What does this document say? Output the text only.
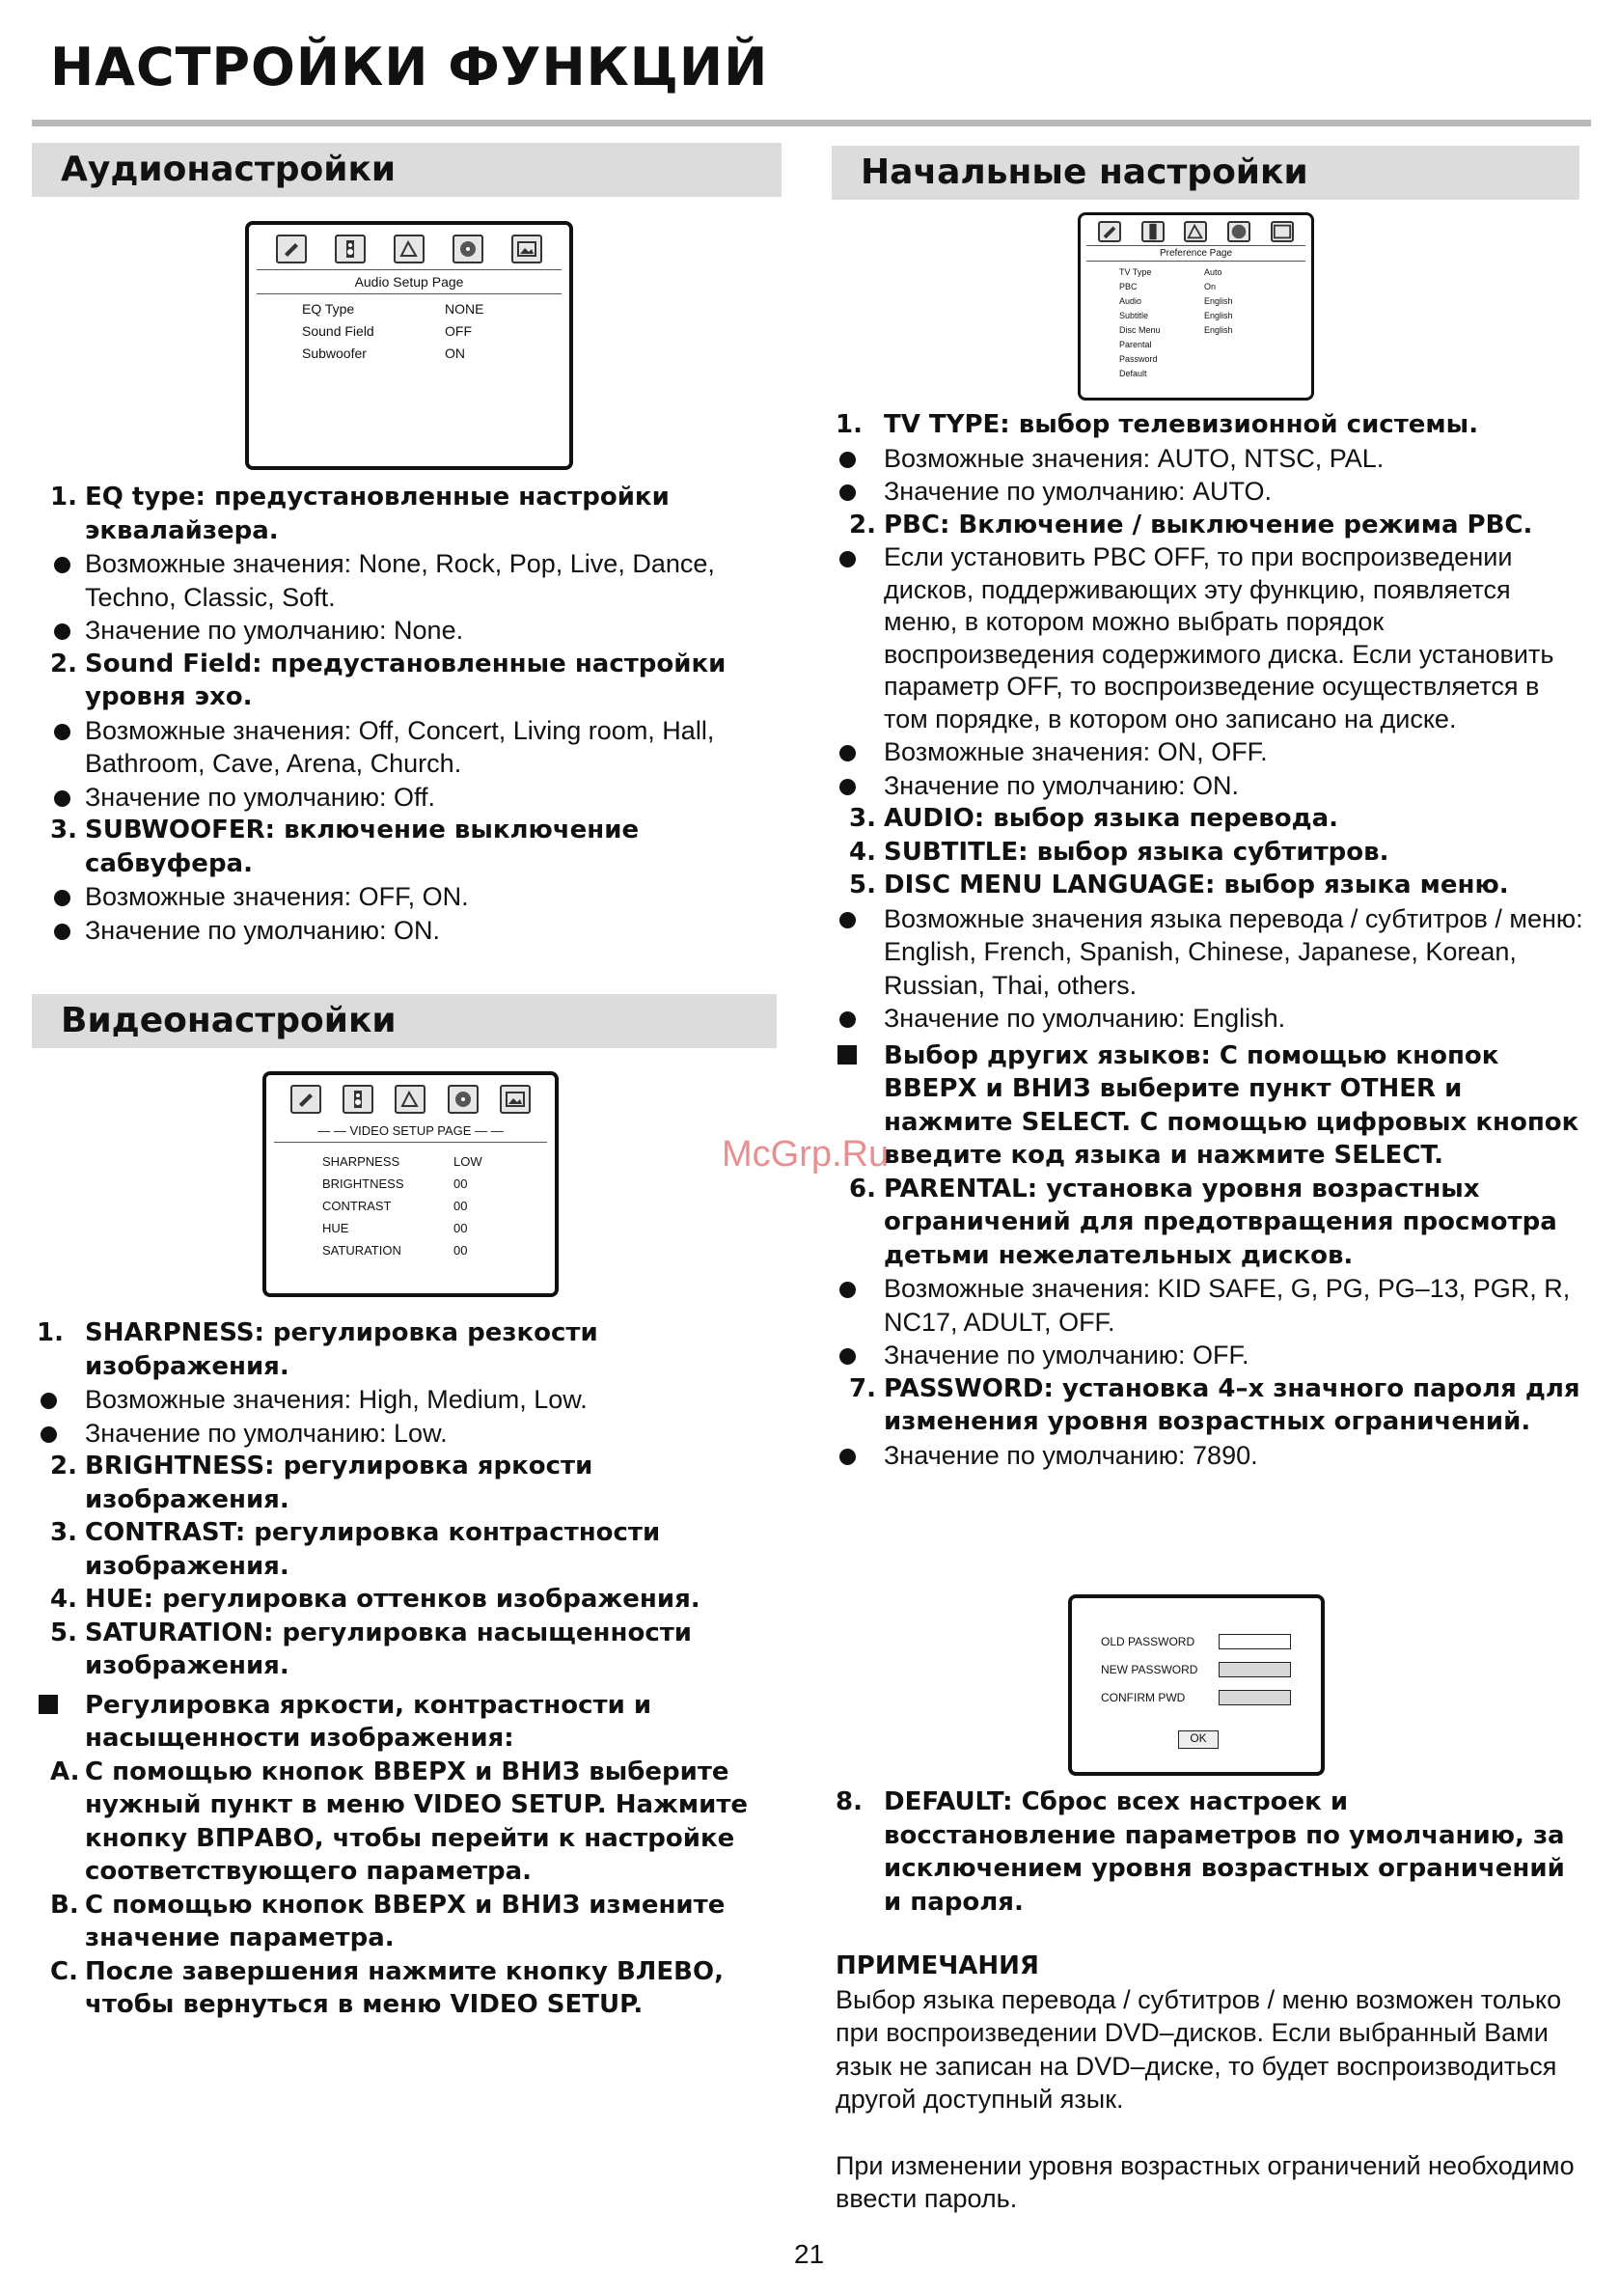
НАСТРОЙКИ ФУНКЦИЙ
Аудионастройки
Audio Setup Page
EQ Type	NONE
Sound Field	OFF
Subwoofer	ON

1. EQ type: предустановленные настройки эквалайзера.

Возможные значения: None, Rock, Pop, Live, Dance, Techno, Classic, Soft.

Значение по умолчанию: None.

2. Sound Field: предустановленные настройки уровня эхо.

Возможные значения: Off, Concert, Living room, Hall, Bathroom, Cave, Arena, Church.

Значение по умолчанию: Off.

3. SUBWOOFER: включение выключение сабвуфера.

Возможные значения: OFF, ON.

Значение по умолчанию: ON.

Видеонастройки
— — VIDEO SETUP PAGE — —
SHARPNESS	LOW
BRIGHTNESS	00
CONTRAST	00
HUE	00
SATURATION	00

1. SHARPNESS: регулировка резкости изображения.

Возможные значения: High, Medium, Low.

Значение по умолчанию: Low.

2. BRIGHTNESS: регулировка яркости изображения.

3. CONTRAST: регулировка контрастности изображения.

4. HUE: регулировка оттенков изображения.

5. SATURATION: регулировка насыщенности изображения.

Регулировка яркости, контрастности и насыщенности изображения:

A. С помощью кнопок ВВЕРХ и ВНИЗ выберите нужный пункт в меню VIDEO SETUP. Нажмите кнопку ВПРАВО, чтобы перейти к настройке соответствующего параметра.

B. С помощью кнопок ВВЕРХ и ВНИЗ измените значение параметра.

C. После завершения нажмите кнопку ВЛЕВО, чтобы вернуться в меню VIDEO SETUP.

Начальные настройки
Preference Page
TV Type	Auto
PBC	On
Audio	English
Subtitle	English
Disc Menu	English
Parental
Password
Default

1. TV TYPE: выбор телевизионной системы.

Возможные значения: AUTO, NTSC, PAL.

Значение по умолчанию: AUTO.

2. PBC: Включение / выключение режима PBC.

Если установить PBC OFF, то при воспроизведении дисков, поддерживающих эту функцию, появляется меню, в котором можно выбрать порядок воспроизведения содержимого диска. Если установить параметр OFF, то воспроизведение осуществляется в том порядке, в котором оно записано на диске.

Возможные значения: ON, OFF.

Значение по умолчанию: ON.

3. AUDIO: выбор языка перевода.

4. SUBTITLE: выбор языка субтитров.

5. DISC MENU LANGUAGE: выбор языка меню.

Возможные значения языка перевода / субтитров / меню: English, French, Spanish, Chinese, Japanese, Korean, Russian, Thai, others.

Значение по умолчанию: English.

Выбор других языков: С помощью кнопок ВВЕРХ и ВНИЗ выберите пункт OTHER и нажмите SELECT. С помощью цифровых кнопок введите код языка и нажмите SELECT.

6. PARENTAL: установка уровня возрастных ограничений для предотвращения просмотра детьми нежелательных дисков.

Возможные значения: KID SAFE, G, PG, PG–13, PGR, R, NC17, ADULT, OFF.

Значение по умолчанию: OFF.

7. PASSWORD: установка 4–х значного пароля для изменения уровня возрастных ограничений.

Значение по умолчанию: 7890.

OLD PASSWORD
NEW PASSWORD
CONFIRM PWD
OK

8. DEFAULT: Сброс всех настроек и восстановление параметров по умолчанию, за исключением уровня возрастных ограничений и пароля.

ПРИМЕЧАНИЯ

Выбор языка перевода / субтитров / меню возможен только при воспроизведении DVD–дисков. Если выбранный Вами язык не записан на DVD–диске, то будет воспроизводиться другой доступный язык.

При изменении уровня возрастных ограничений необходимо ввести пароль.

McGrp.Ru
21
